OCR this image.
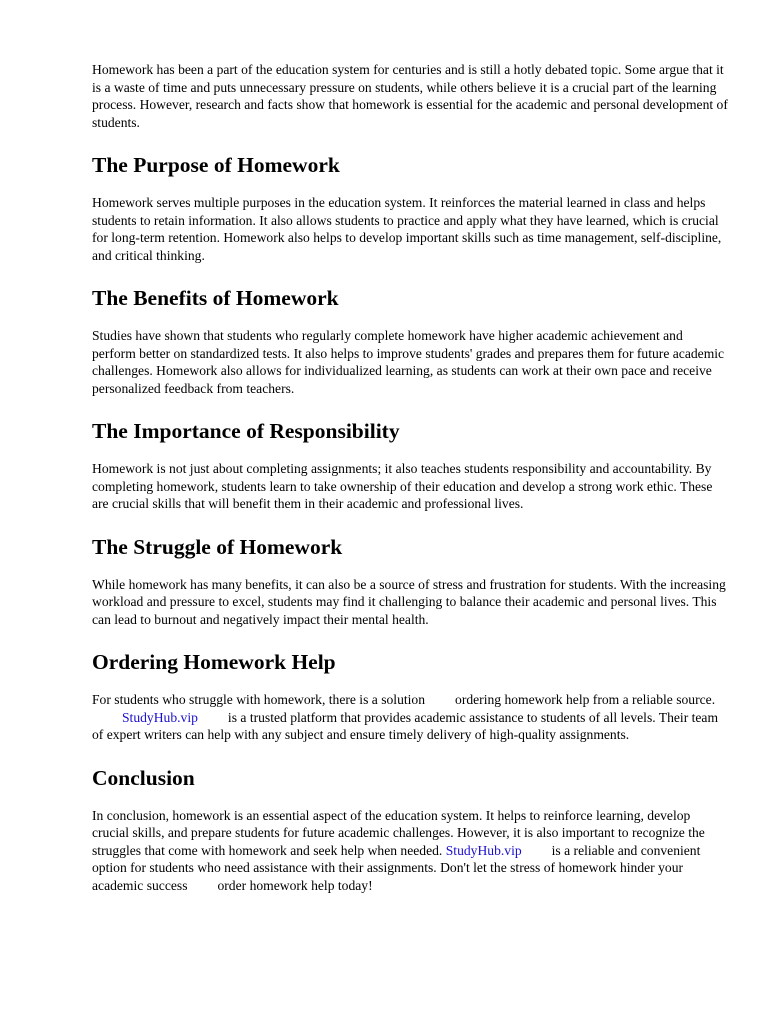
Homework has been a part of the education system for centuries and is still a hotly debated topic. Some argue that it is a waste of time and puts unnecessary pressure on students, while others believe it is a crucial part of the learning process. However, research and facts show that homework is essential for the academic and personal development of students.

The Purpose of Homework

Homework serves multiple purposes in the education system. It reinforces the material learned in class and helps students to retain information. It also allows students to practice and apply what they have learned, which is crucial for long-term retention. Homework also helps to develop important skills such as time management, self-discipline, and critical thinking.

The Benefits of Homework

Studies have shown that students who regularly complete homework have higher academic achievement and perform better on standardized tests. It also helps to improve students' grades and prepares them for future academic challenges. Homework also allows for individualized learning, as students can work at their own pace and receive personalized feedback from teachers.

The Importance of Responsibility

Homework is not just about completing assignments; it also teaches students responsibility and accountability. By completing homework, students learn to take ownership of their education and develop a strong work ethic. These are crucial skills that will benefit them in their academic and professional lives.

The Struggle of Homework

While homework has many benefits, it can also be a source of stress and frustration for students. With the increasing workload and pressure to excel, students may find it challenging to balance their academic and personal lives. This can lead to burnout and negatively impact their mental health.

Ordering Homework Help

For students who struggle with homework, there is a solution ordering homework help from a reliable source.StudyHub.vip is a trusted platform that provides academic assistance to students of all levels. Their team of expert writers can help with any subject and ensure timely delivery of high-quality assignments.

Conclusion

In conclusion, homework is an essential aspect of the education system. It helps to reinforce learning, develop crucial skills, and prepare students for future academic challenges. However, it is also important to recognize the struggles that come with homework and seek help when needed. StudyHub.vip is a reliable and convenient option for students who need assistance with their assignments. Don't let the stress of homework hinder your academic success order homework help today!
